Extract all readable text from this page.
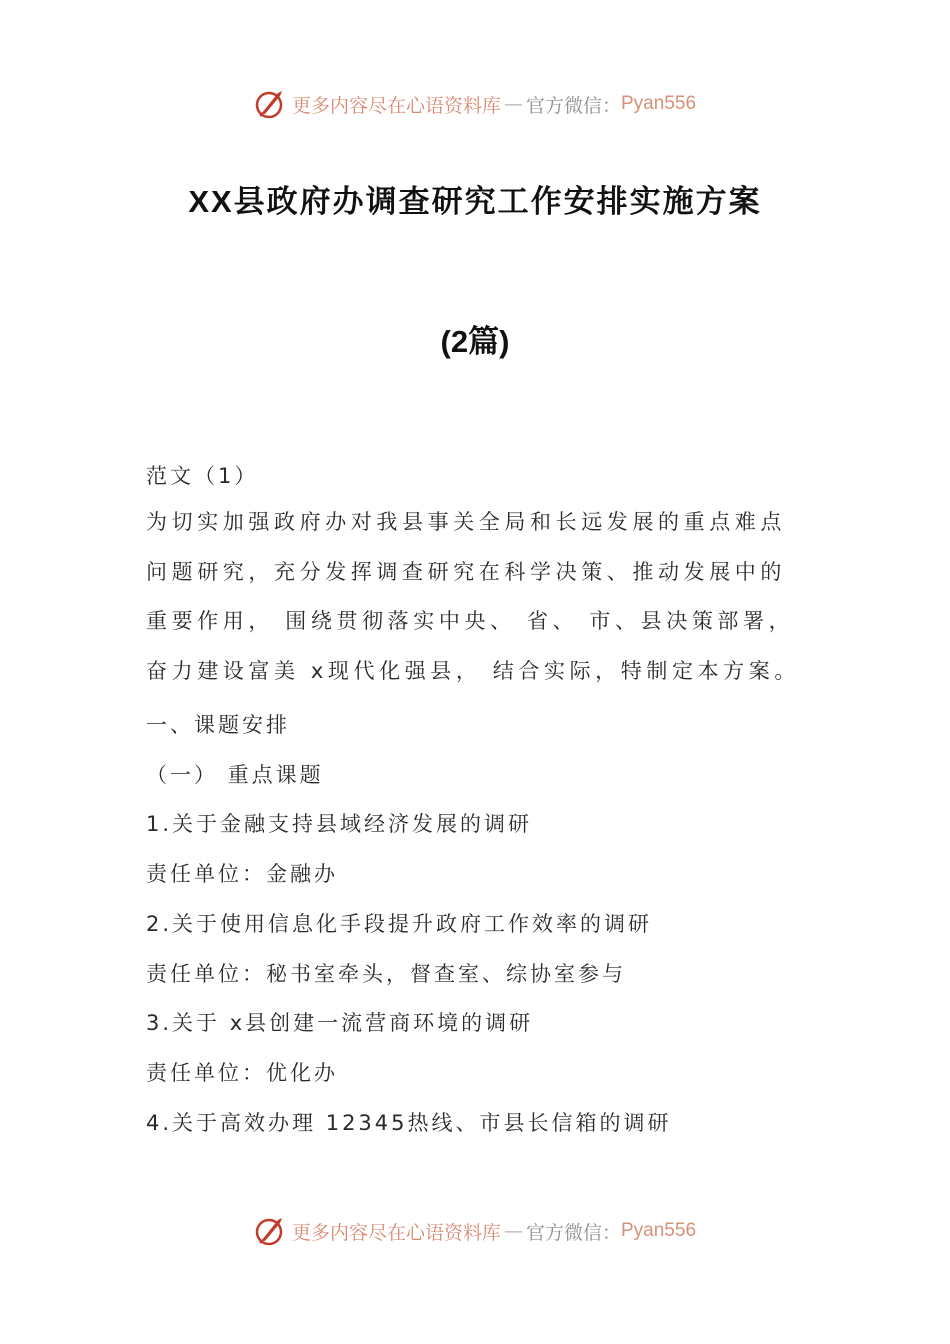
更多内容尽在心语资料库 — 官方微信： Pyan556
XX县政府办调查研究工作安排实施方案
(2篇)
范文（1）
为切实加强政府办对我县事关全局和长远发展的重点难点问题研究，充分发挥调查研究在科学决策、推动发展中的重要作用， 围绕贯彻落实中央、 省、 市、县决策部署，奋力建设富美 x现代化强县， 结合实际，特制定本方案。
一、课题安排
（一） 重点课题
1.关于金融支持县域经济发展的调研
责任单位：金融办
2.关于使用信息化手段提升政府工作效率的调研
责任单位：秘书室牵头，督查室、综协室参与
3.关于 x县创建一流营商环境的调研
责任单位：优化办
4.关于高效办理 12345热线、市县长信箱的调研
更多内容尽在心语资料库 — 官方微信： Pyan556
